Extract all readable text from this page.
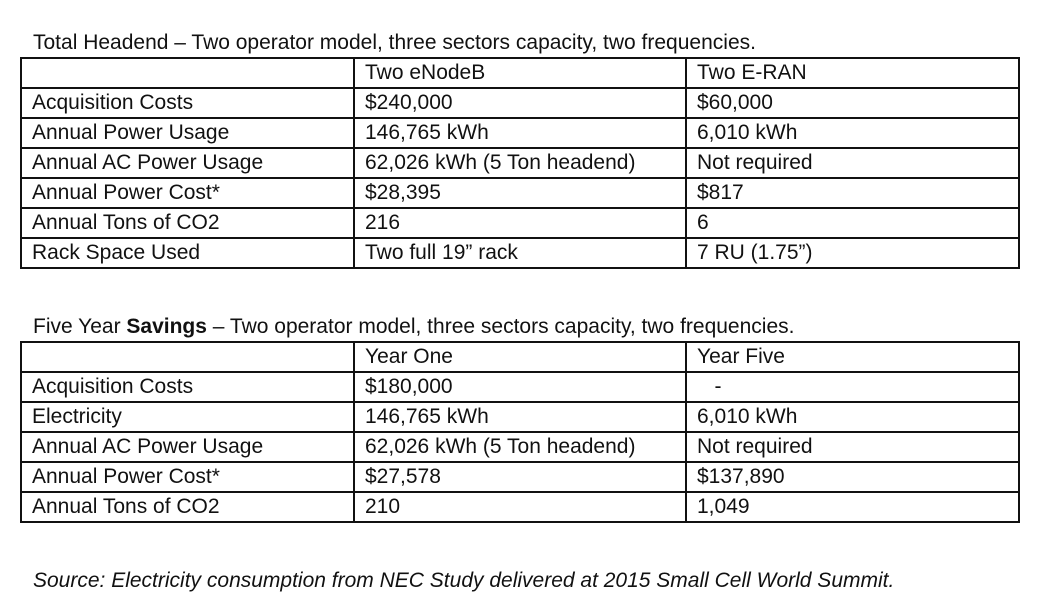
Total Headend – Two operator model, three sectors capacity, two frequencies.
	Two eNodeB	Two E-RAN
Acquisition Costs	$240,000	$60,000
Annual Power Usage	146,765 kWh	6,010 kWh
Annual AC Power Usage	62,026 kWh (5 Ton headend)	Not required
Annual Power Cost*	$28,395	$817
Annual Tons of CO2	216	6
Rack Space Used	Two full 19” rack	7 RU (1.75”)
Five Year Savings – Two operator model, three sectors capacity, two frequencies.
	Year One	Year Five
Acquisition Costs	$180,000	-
Electricity	146,765 kWh	6,010 kWh
Annual AC Power Usage	62,026 kWh (5 Ton headend)	Not required
Annual Power Cost*	$27,578	$137,890
Annual Tons of CO2	210	1,049
Source: Electricity consumption from NEC Study delivered at 2015 Small Cell World Summit.
